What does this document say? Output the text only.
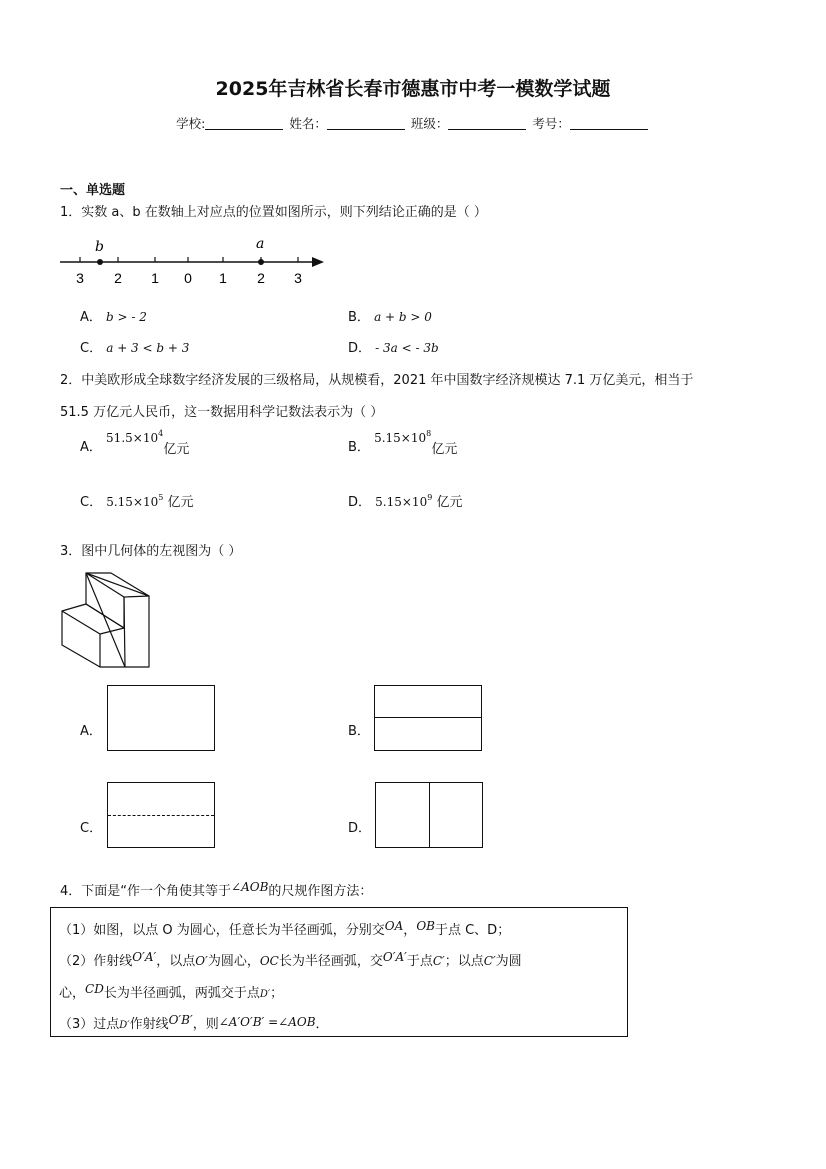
2025年吉林省长春市德惠市中考一模数学试题
学校:	姓名：	班级：	考号：
一、单选题
1．实数 a、b 在数轴上对应点的位置如图所示，则下列结论正确的是（ ）
b	a
3 2 1 0 1 2 3
A． b > - 2	B． a + b > 0
C． a + 3 < b + 3	D． - 3a < - 3b
2．中美欧形成全球数字经济发展的三级格局，从规模看，2021 年中国数字经济规模达 7.1 万亿美元，相当于
51.5 万亿元人民币，这一数据用科学记数法表示为（ ）
A． $51.5\times 10^4$ 亿元	B． $5.15\times 10^8$ 亿元
C． $5.15\times 10^5$ 亿元	D． $5.15\times 10^9$ 亿元
3．图中几何体的左视图为（ ）
A．	B．
C．	D．
4．下面是“作一个角使其等于∠AOB的尺规作图方法：
（1）如图，以点 O 为圆心，任意长为半径画弧，分别交OA，OB于点 C、D；
（2）作射线O′A′，以点O′为圆心，OC长为半径画弧，交O′A′于点C′；以点C′为圆
心，CD长为半径画弧，两弧交于点D′；
（3）过点D′作射线O′B′，则∠A′O′B′ =∠AOB．
